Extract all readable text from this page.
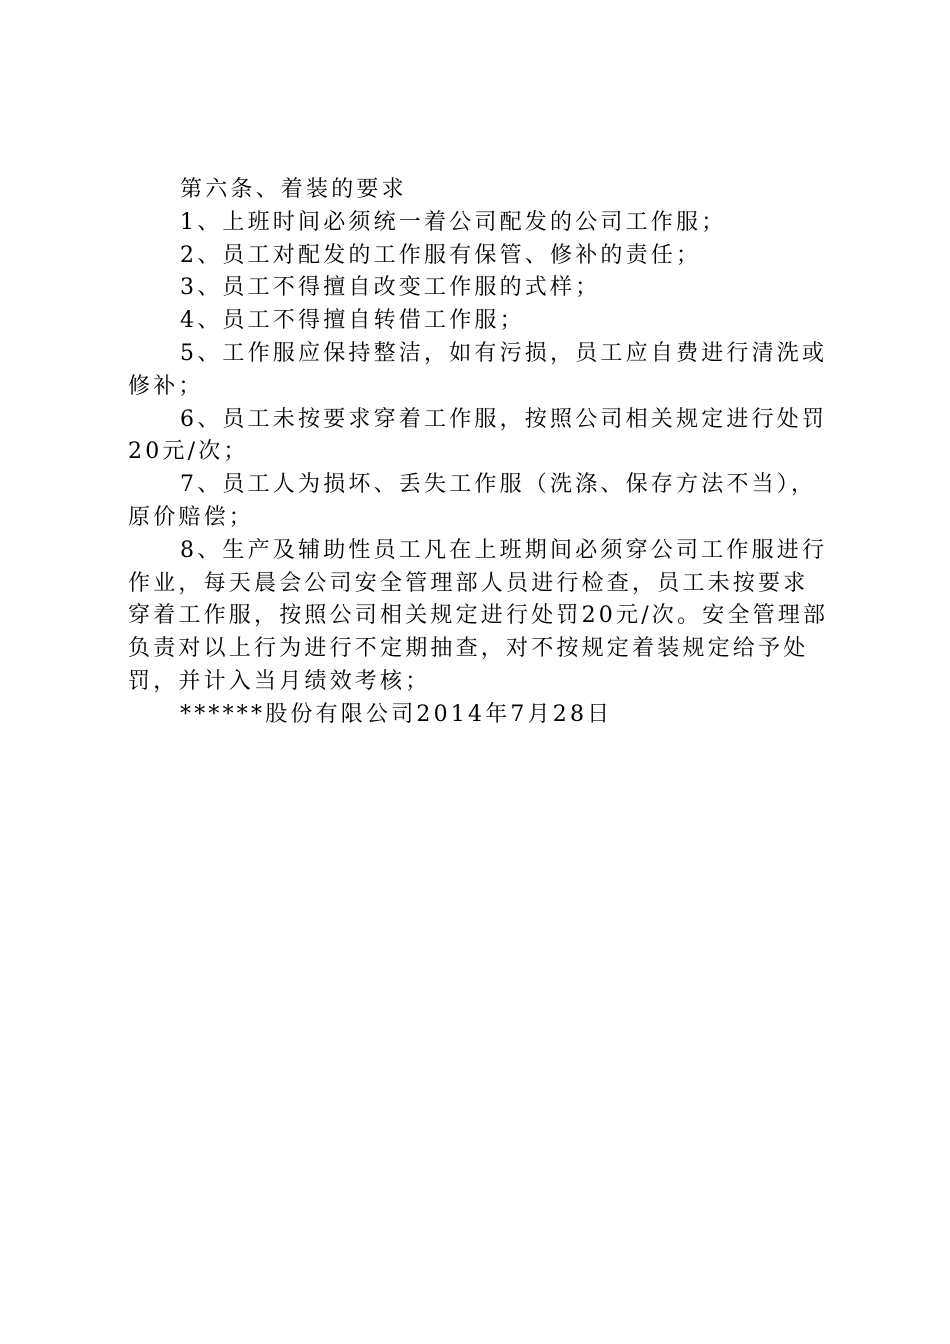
第六条、着装的要求

1、上班时间必须统一着公司配发的公司工作服；

2、员工对配发的工作服有保管、修补的责任；

3、员工不得擅自改变工作服的式样；

4、员工不得擅自转借工作服；

5、工作服应保持整洁，如有污损，员工应自费进行清洗或修补；

6、员工未按要求穿着工作服，按照公司相关规定进行处罚20元/次；

7、员工人为损坏、丢失工作服（洗涤、保存方法不当），原价赔偿；

8、生产及辅助性员工凡在上班期间必须穿公司工作服进行作业，每天晨会公司安全管理部人员进行检查，员工未按要求穿着工作服，按照公司相关规定进行处罚20元/次。安全管理部负责对以上行为进行不定期抽查，对不按规定着装规定给予处罚，并计入当月绩效考核；

******股份有限公司2014年7月28日
